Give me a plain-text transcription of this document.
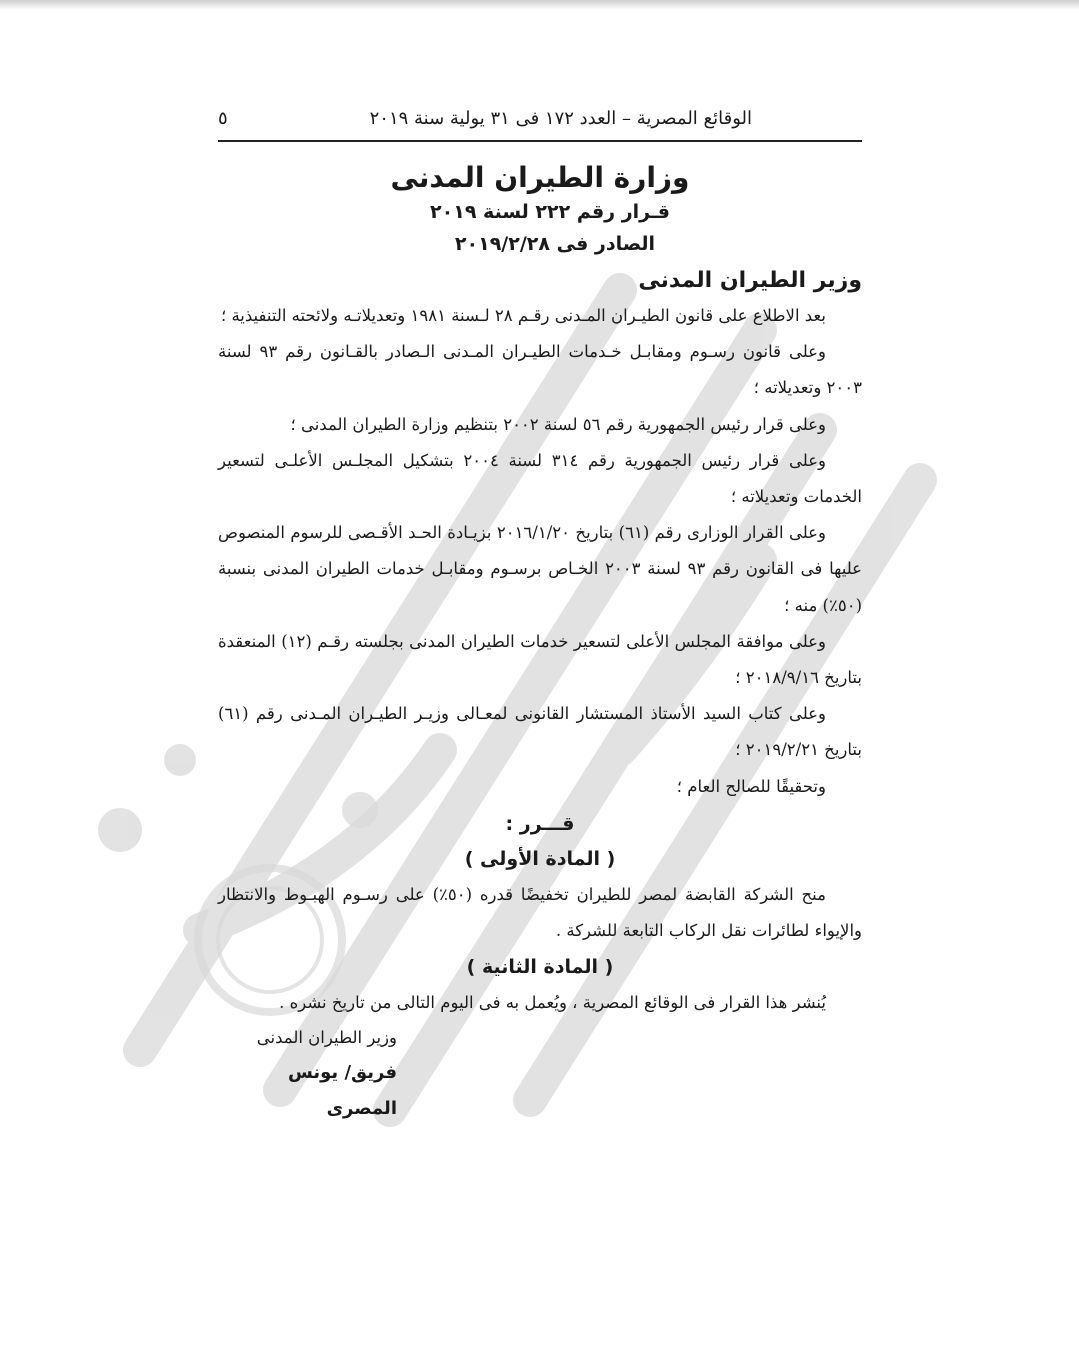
الوقائع المصرية – العدد ١٧٢ فى ٣١ يولية سنة ٢٠١٩
٥
وزارة الطيران المدنى
قـرار رقم ٢٢٢ لسنة ٢٠١٩
الصادر فى ٢٠١٩/٢/٢٨
وزير الطيران المدنى

بعد الاطلاع على قانون الطيـران المـدنى رقـم ٢٨ لـسنة ١٩٨١ وتعديلاتـه ولائحته التنفيذية ؛

وعلى قانون رسـوم ومقابـل خـدمات الطيـران المـدنى الـصادر بالقـانون رقم ٩٣ لسنة ٢٠٠٣ وتعديلاته ؛

وعلى قرار رئيس الجمهورية رقم ٥٦ لسنة ٢٠٠٢ بتنظيم وزارة الطيران المدنى ؛

وعلى قرار رئيس الجمهورية رقم ٣١٤ لسنة ٢٠٠٤ بتشكيل المجلـس الأعلـى لتسعير الخدمات وتعديلاته ؛

وعلى القرار الوزارى رقم (٦١) بتاريخ ٢٠١٦/١/٢٠ بزيـادة الحـد الأقـصى للرسوم المنصوص عليها فى القانون رقم ٩٣ لسنة ٢٠٠٣ الخـاص برسـوم ومقابـل خدمات الطيران المدنى بنسبة (٥٠٪) منه ؛

وعلى موافقة المجلس الأعلى لتسعير خدمات الطيران المدنى بجلسته رقـم (١٢) المنعقدة بتاريخ ٢٠١٨/٩/١٦ ؛

وعلى كتاب السيد الأستاذ المستشار القانونى لمعـالى وزيـر الطيـران المـدنى رقم (٦١) بتاريخ ٢٠١٩/٢/٢١ ؛

وتحقيقًا للصالح العام ؛

قـــرر :
( المادة الأولى )

منح الشركة القابضة لمصر للطيران تخفيضًا قدره (٥٠٪) على رسـوم الهبـوط والانتظار والإيواء لطائرات نقل الركاب التابعة للشركة .

( المادة الثانية )

يُنشر هذا القرار فى الوقائع المصرية ، ويُعمل به فى اليوم التالى من تاريخ نشره .

وزير الطيران المدنى
فريق/ يونس المصرى
